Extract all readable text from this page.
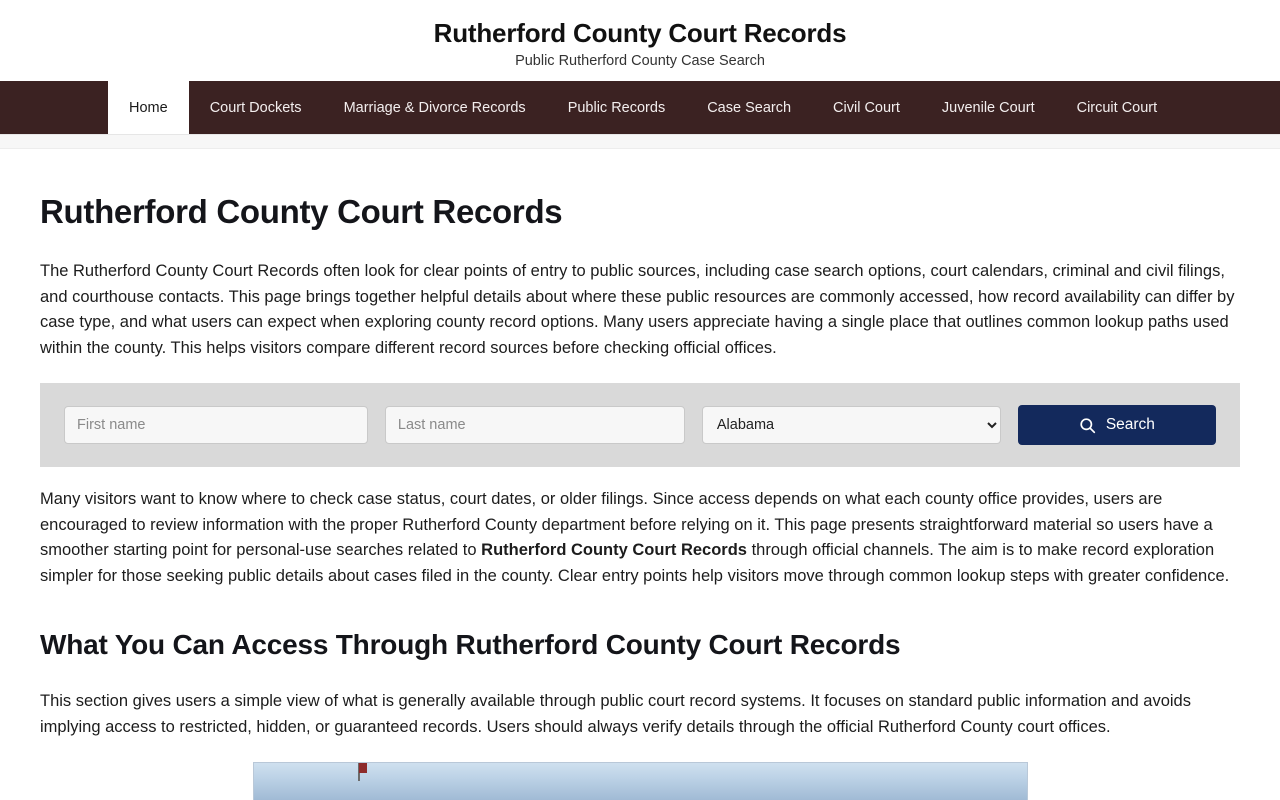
Rutherford County Court Records
Public Rutherford County Case Search
Home	Court Dockets	Marriage & Divorce Records	Public Records	Case Search	Civil Court	Juvenile Court	Circuit Court
Rutherford County Court Records

The Rutherford County Court Records often look for clear points of entry to public sources, including case search options, court calendars, criminal and civil filings, and courthouse contacts. This page brings together helpful details about where these public resources are commonly accessed, how record availability can differ by case type, and what users can expect when exploring county record options. Many users appreciate having a single place that outlines common lookup paths used within the county. This helps visitors compare different record sources before checking official offices.

First name
Last name
Alabama
Search

Many visitors want to know where to check case status, court dates, or older filings. Since access depends on what each county office provides, users are encouraged to review information with the proper Rutherford County department before relying on it. This page presents straightforward material so users have a smoother starting point for personal-use searches related to Rutherford County Court Records through official channels. The aim is to make record exploration simpler for those seeking public details about cases filed in the county. Clear entry points help visitors move through common lookup steps with greater confidence.

What You Can Access Through Rutherford County Court Records

This section gives users a simple view of what is generally available through public court record systems. It focuses on standard public information and avoids implying access to restricted, hidden, or guaranteed records. Users should always verify details through the official Rutherford County court offices.
